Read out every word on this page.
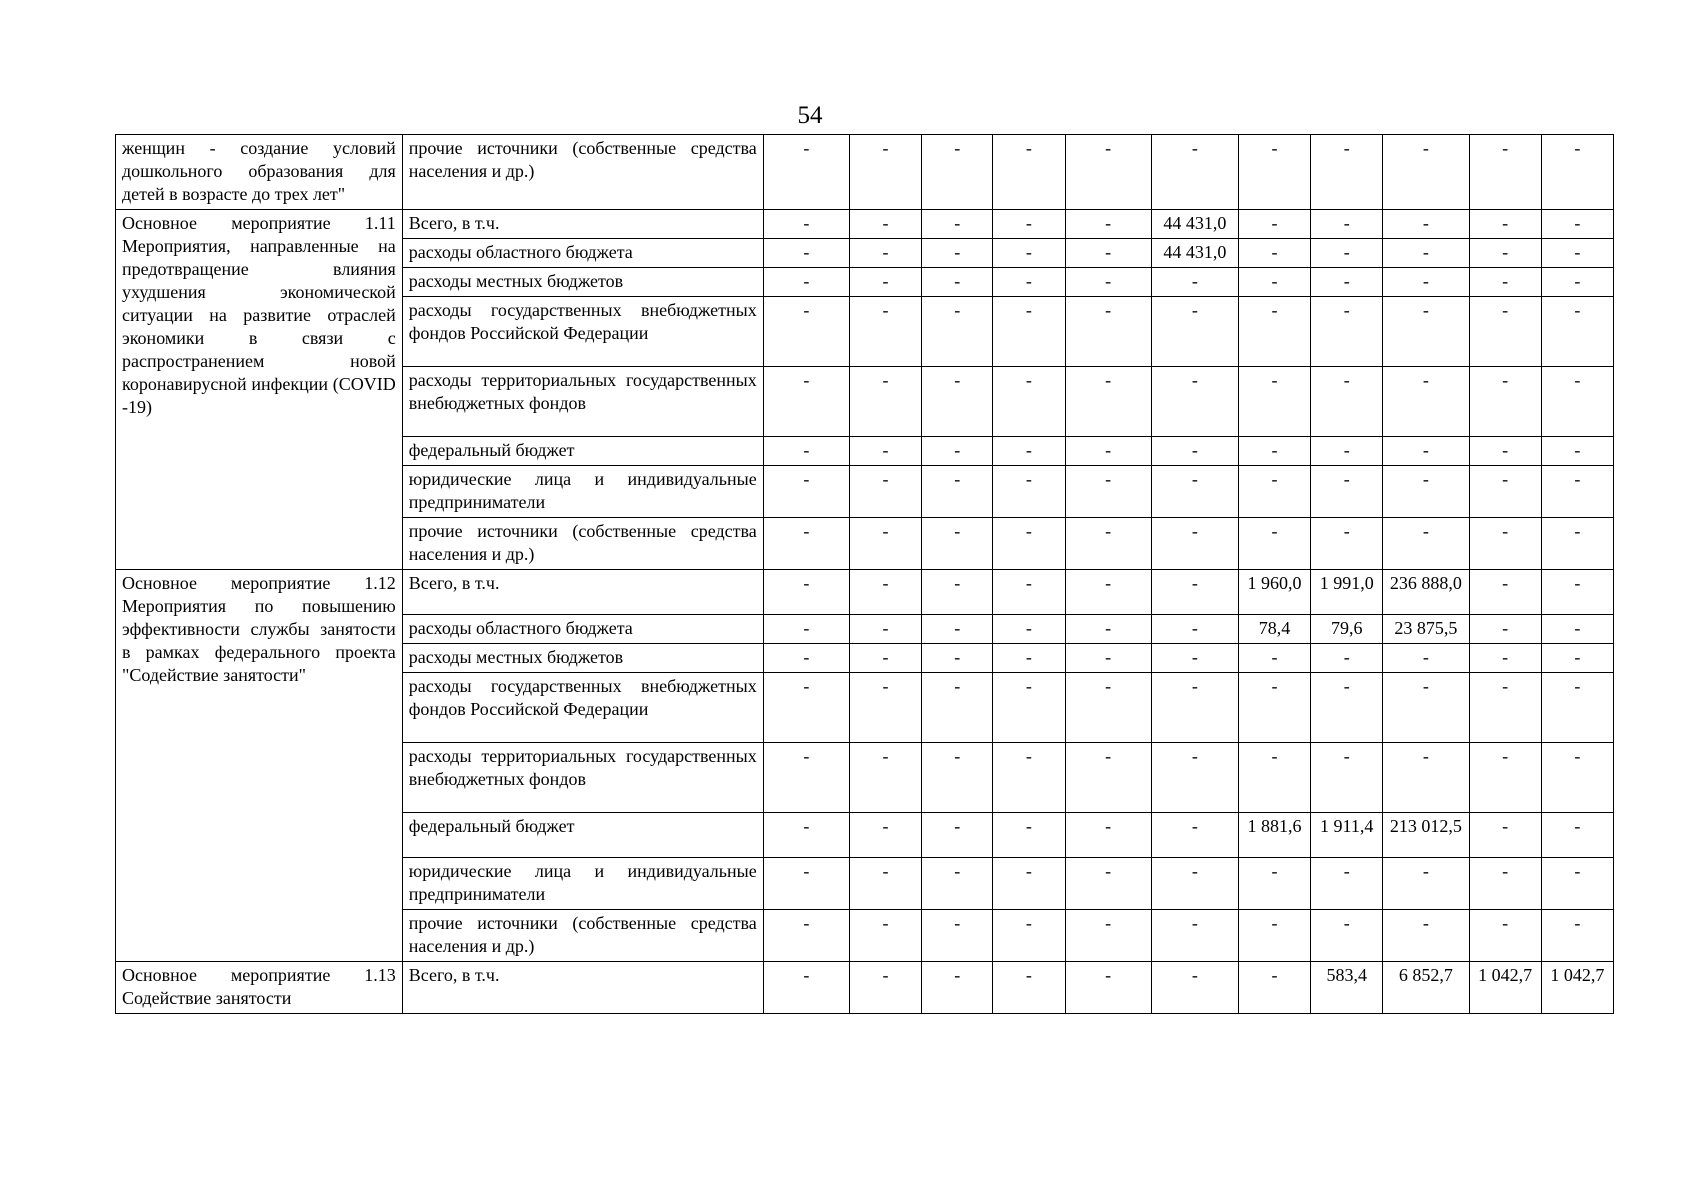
54
женщин - создание условий дошкольного образования для детей в возрасте до трех лет"	прочие источники (собственные средства населения и др.)	-	-	-	-	-	-	-	-	-	-	-
Основное мероприятие 1.11 Мероприятия, направленные на предотвращение влияния ухудшения экономической ситуации на развитие отраслей экономики в связи с распространением новой коронавирусной инфекции (COVID -19)	Всего, в т.ч.	-	-	-	-	-	44 431,0	-	-	-	-	-
	расходы областного бюджета	-	-	-	-	-	44 431,0	-	-	-	-	-
	расходы местных бюджетов	-	-	-	-	-	-	-	-	-	-	-
	расходы государственных внебюджетных фондов Российской Федерации	-	-	-	-	-	-	-	-	-	-	-
	расходы территориальных государственных внебюджетных фондов	-	-	-	-	-	-	-	-	-	-	-
	федеральный бюджет	-	-	-	-	-	-	-	-	-	-	-
	юридические лица и индивидуальные предприниматели	-	-	-	-	-	-	-	-	-	-	-
	прочие источники (собственные средства населения и др.)	-	-	-	-	-	-	-	-	-	-	-
Основное мероприятие 1.12 Мероприятия по повышению эффективности службы занятости в рамках федерального проекта "Содействие занятости"	Всего, в т.ч.	-	-	-	-	-	-	1 960,0	1 991,0	236 888,0	-	-
	расходы областного бюджета	-	-	-	-	-	-	78,4	79,6	23 875,5	-	-
	расходы местных бюджетов	-	-	-	-	-	-	-	-	-	-	-
	расходы государственных внебюджетных фондов Российской Федерации	-	-	-	-	-	-	-	-	-	-	-
	расходы территориальных государственных внебюджетных фондов	-	-	-	-	-	-	-	-	-	-	-
	федеральный бюджет	-	-	-	-	-	-	1 881,6	1 911,4	213 012,5	-	-
	юридические лица и индивидуальные предприниматели	-	-	-	-	-	-	-	-	-	-	-
	прочие источники (собственные средства населения и др.)	-	-	-	-	-	-	-	-	-	-	-
Основное мероприятие 1.13 Содействие занятости	Всего, в т.ч.	-	-	-	-	-	-	-	583,4	6 852,7	1 042,7	1 042,7
